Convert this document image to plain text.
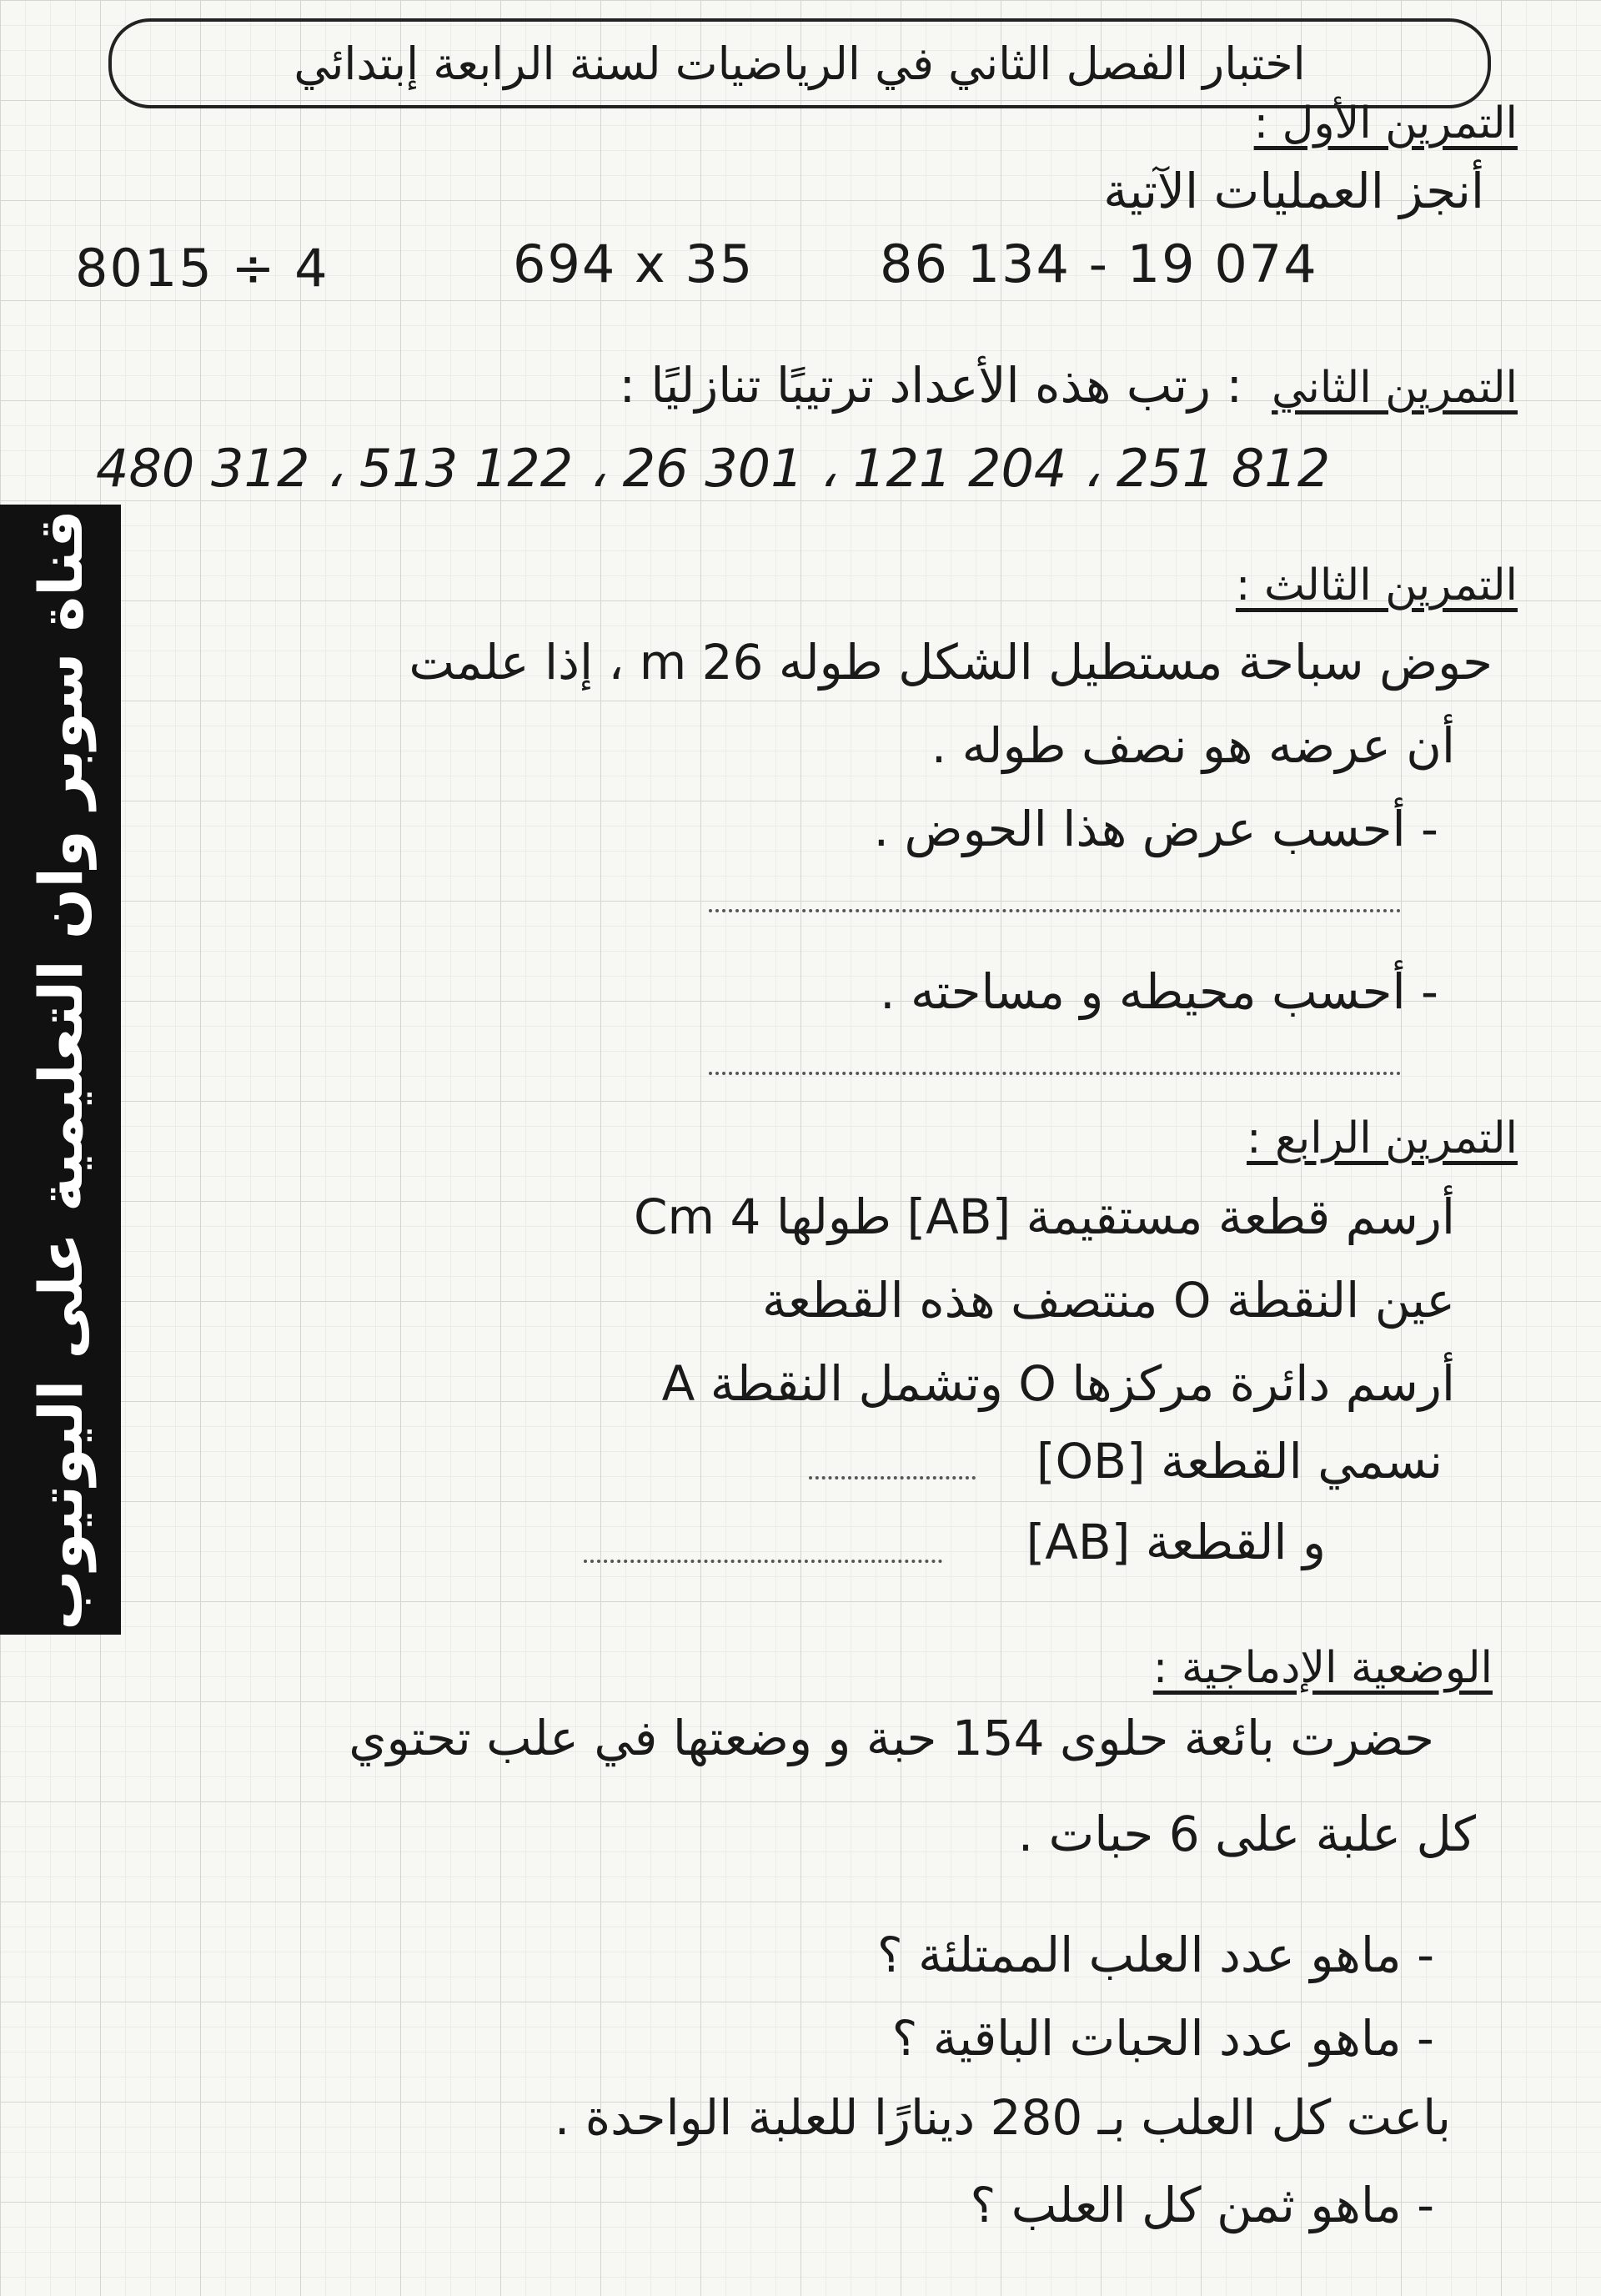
اختبار الفصل الثاني في الرياضيات لسنة الرابعة إبتدائي
التمرين الأول :
أنجز العمليات الآتية
8015 ÷ 4	694 x 35 86 134 - 19 074
التمرين الثاني
: رتب هذه الأعداد ترتيبًا تنازليًا :
480 312 ، 513 122 ، 26 301 ، 121 204 ، 251 812
التمرين الثالث :
حوض سباحة مستطيل الشكل طوله 26 m ، إذا علمت
أن عرضه هو نصف طوله .
- أحسب عرض هذا الحوض .
- أحسب محيطه و مساحته .
التمرين الرابع :
أرسم قطعة مستقيمة [AB] طولها 4 Cm
عين النقطة O منتصف هذه القطعة
أرسم دائرة مركزها O وتشمل النقطة A
نسمي القطعة [OB]
و القطعة [AB]
الوضعية الإدماجية :
حضرت بائعة حلوى 154 حبة و وضعتها في علب تحتوي
كل علبة على 6 حبات .
- ماهو عدد العلب الممتلئة ؟
- ماهو عدد الحبات الباقية ؟
باعت كل العلب بـ 280 دينارًا للعلبة الواحدة .
- ماهو ثمن كل العلب ؟
قناة سوبر وان التعليمية على اليوتيوب
